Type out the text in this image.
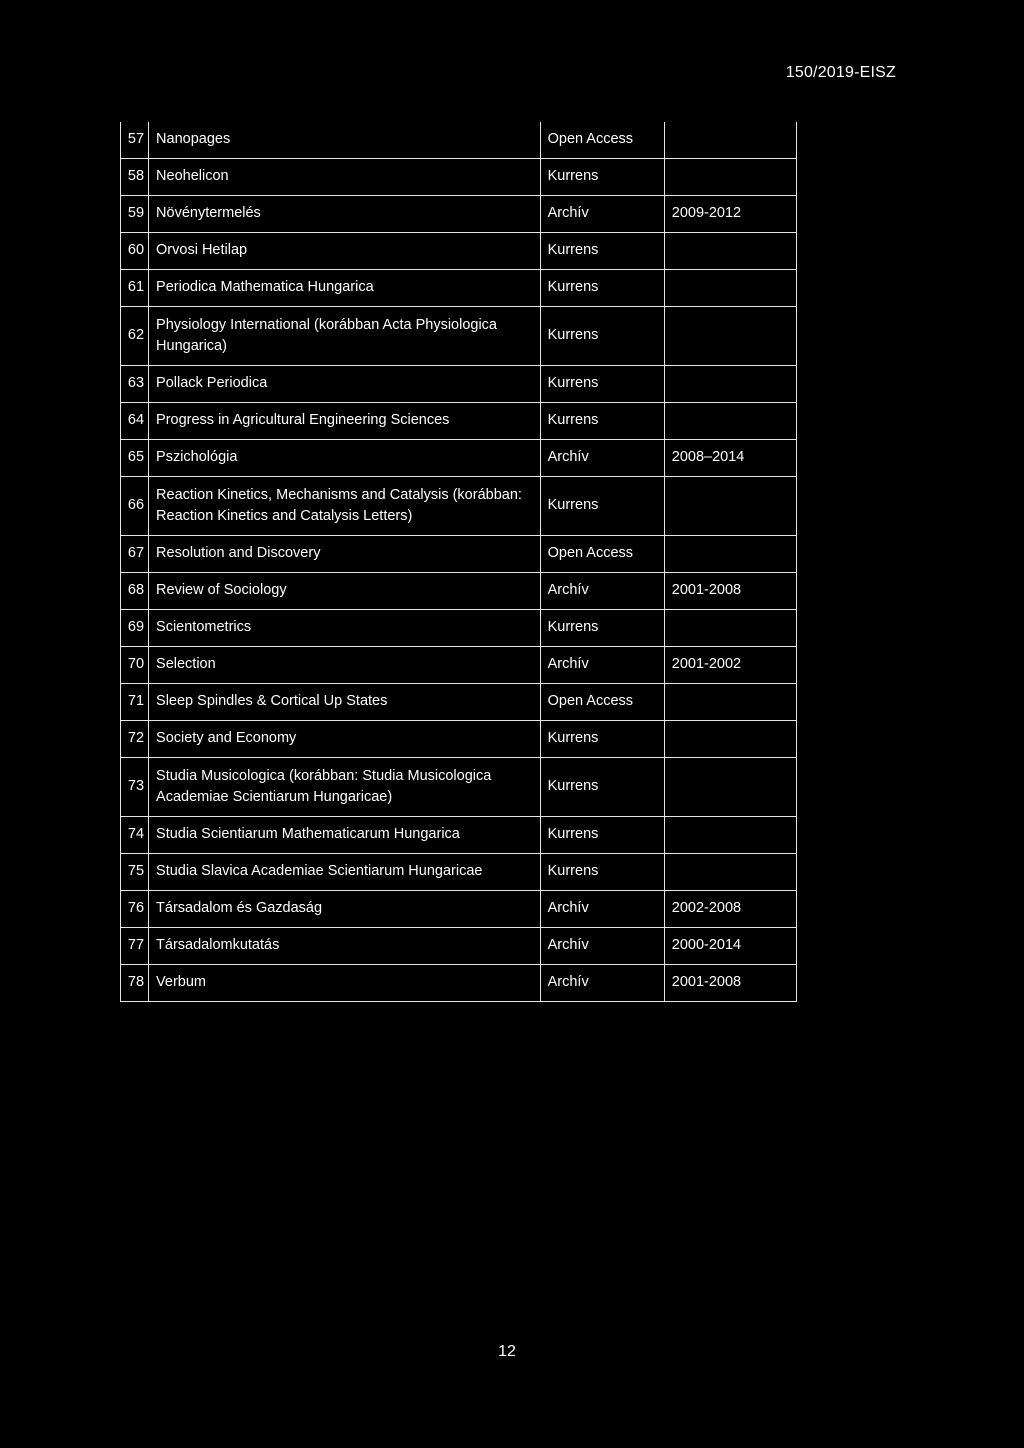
150/2019-EISZ
57	Nanopages	Open Access	
58	Neohelicon	Kurrens	
59	Növénytermelés	Archív	2009-2012
60	Orvosi Hetilap	Kurrens	
61	Periodica Mathematica Hungarica	Kurrens	
62	Physiology International (korábban Acta Physiologica Hungarica)	Kurrens	
63	Pollack Periodica	Kurrens	
64	Progress in Agricultural Engineering Sciences	Kurrens	
65	Pszichológia	Archív	2008–2014
66	Reaction Kinetics, Mechanisms and Catalysis (korábban: Reaction Kinetics and Catalysis Letters)	Kurrens	
67	Resolution and Discovery	Open Access	
68	Review of Sociology	Archív	2001-2008
69	Scientometrics	Kurrens	
70	Selection	Archív	2001-2002
71	Sleep Spindles & Cortical Up States	Open Access	
72	Society and Economy	Kurrens	
73	Studia Musicologica (korábban: Studia Musicologica Academiae Scientiarum Hungaricae)	Kurrens	
74	Studia Scientiarum Mathematicarum Hungarica	Kurrens	
75	Studia Slavica Academiae Scientiarum Hungaricae	Kurrens	
76	Társadalom és Gazdaság	Archív	2002-2008
77	Társadalomkutatás	Archív	2000-2014
78	Verbum	Archív	2001-2008
12
